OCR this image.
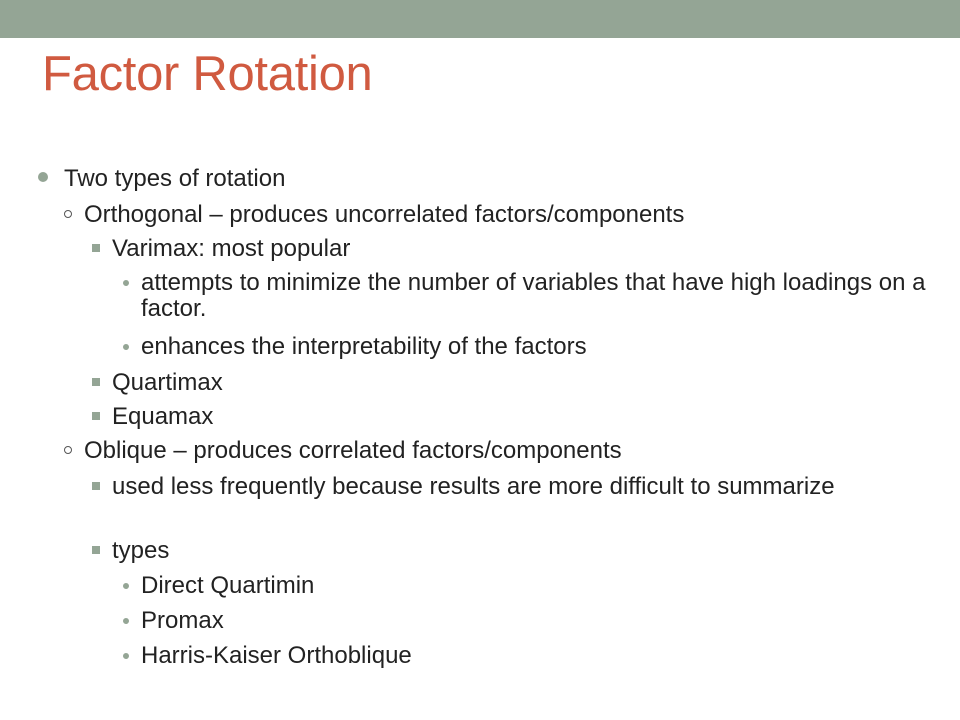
Factor Rotation
Two types of rotation
Orthogonal – produces uncorrelated factors/components
Varimax: most popular
attempts to minimize the number of variables that have high loadings on a factor.
enhances the interpretability of the factors
Quartimax
Equamax
Oblique – produces correlated factors/components
used less frequently because results are more difficult to summarize
types
Direct Quartimin
Promax
Harris-Kaiser Orthoblique
